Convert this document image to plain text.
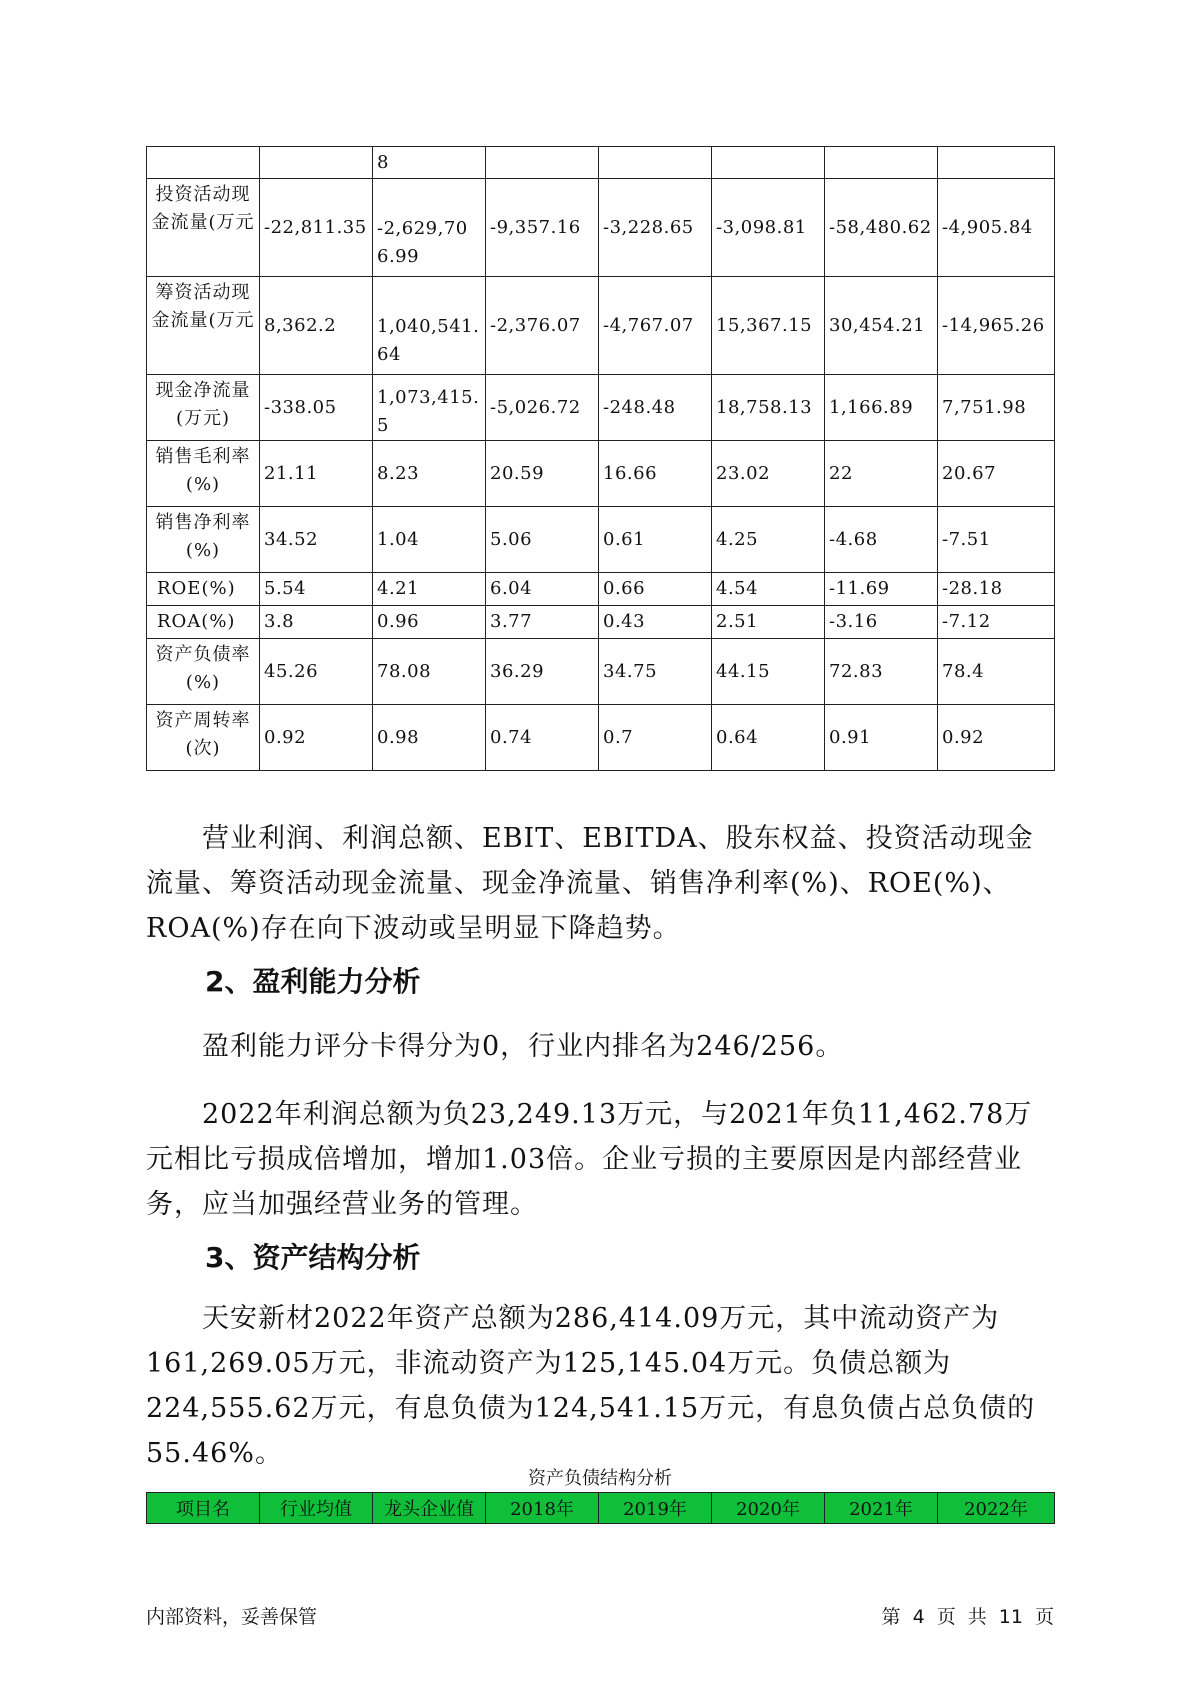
		8					
投资活动现金流量(万元	-22,811.35	-2,629,706.99	-9,357.16	-3,228.65	-3,098.81	-58,480.62	-4,905.84
筹资活动现金流量(万元	8,362.2	1,040,541.64	-2,376.07	-4,767.07	15,367.15	30,454.21	-14,965.26
现金净流量(万元)	-338.05	1,073,415.5	-5,026.72	-248.48	18,758.13	1,166.89	7,751.98
销售毛利率(%)	21.11	8.23	20.59	16.66	23.02	22	20.67
销售净利率(%)	34.52	1.04	5.06	0.61	4.25	-4.68	-7.51
ROE(%)	5.54	4.21	6.04	0.66	4.54	-11.69	-28.18
ROA(%)	3.8	0.96	3.77	0.43	2.51	-3.16	-7.12
资产负债率(%)	45.26	78.08	36.29	34.75	44.15	72.83	78.4
资产周转率(次)	0.92	0.98	0.74	0.7	0.64	0.91	0.92

营业利润、利润总额、EBIT、EBITDA、股东权益、投资活动现金流量、筹资活动现金流量、现金净流量、销售净利率(%)、ROE(%)、ROA(%)存在向下波动或呈明显下降趋势。

2、盈利能力分析

盈利能力评分卡得分为0，行业内排名为246/256。

2022年利润总额为负23,249.13万元，与2021年负11,462.78万元相比亏损成倍增加，增加1.03倍。企业亏损的主要原因是内部经营业务，应当加强经营业务的管理。

3、资产结构分析

天安新材2022年资产总额为286,414.09万元，其中流动资产为161,269.05万元，非流动资产为125,145.04万元。负债总额为224,555.62万元，有息负债为124,541.15万元，有息负债占总负债的55.46%。

资产负债结构分析

项目名	行业均值	龙头企业值	2018年	2019年	2020年	2021年	2022年
内部资料，妥善保管	第 4 页 共 11 页
